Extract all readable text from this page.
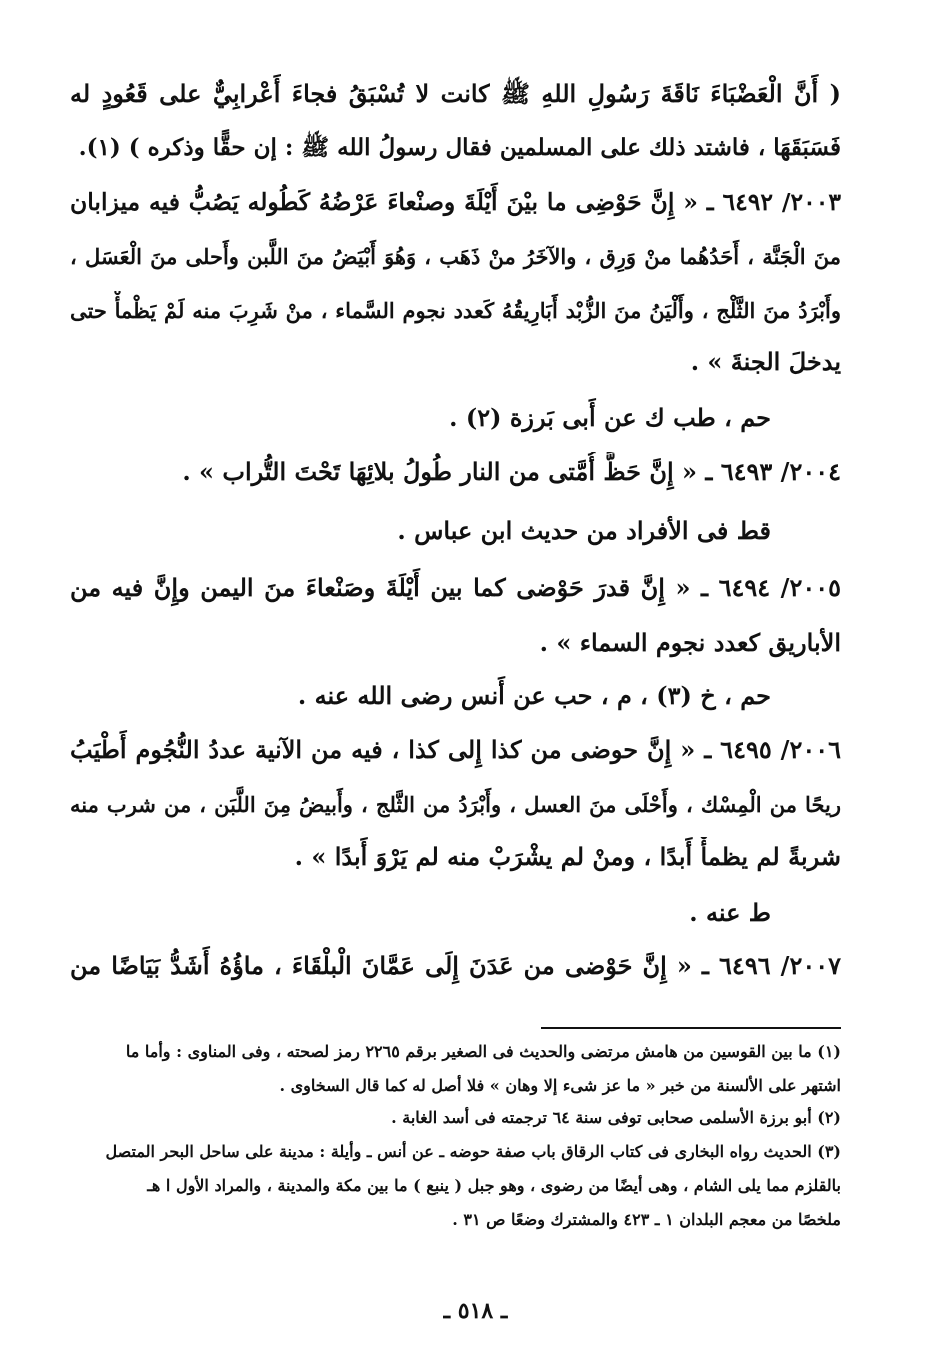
( أَنَّ الْعَضْبَاءَ نَاقَةَ رَسُولِ اللهِ ﷺ كانت لا تُسْبَقُ فجاءَ أَعْرابِيٌّ على قَعُودٍ له
فَسَبَقَهَا ، فاشتد ذلك على المسلمين فقال رسولُ الله ﷺ : إن حقًّا وذكره ) (١).
٢٠٠٣/ ٦٤٩٢ ـ « إِنَّ حَوْضِى ما بيْنَ أَيْلَةَ وصنْعاءَ عَرْضُهُ كَطُوله يَصُبُّ فيه ميزابان
منَ الْجَنَّة ، أَحَدُهُما منْ وَرِق ، والآخَرُ منْ ذَهَب ، وَهُوَ أَبْيَضُ منَ اللَّبن وأَحلى منَ الْعَسَل ،
وأَبْرَدُ منَ الثَّلْج ، وأَلْيَنُ منَ الزُّبْد أَبَارِيقُهُ كَعدد نجوم السَّماء ، منْ شَرِبَ منه لَمْ يَظْمأْ حتى
يدخلَ الجنةَ » .
حم ، طب ك عن أَبى بَرزة (٢) .
٢٠٠٤/ ٦٤٩٣ ـ « إِنَّ حَظَّ أُمَّتى من النار طُولُ بلائِهَا تَحْتَ التُّراب » .
قط فى الأفراد من حديث ابن عباس .
٢٠٠٥/ ٦٤٩٤ ـ « إِنَّ قدرَ حَوْضى كما بين أَيْلَةَ وصَنْعاءَ منَ اليمن وإِنَّ فيه من
الأباريق كعدد نجوم السماء » .
حم ، خ (٣) ، م ، حب عن أَنس رضى الله عنه .
٢٠٠٦/ ٦٤٩٥ ـ « إِنَّ حوضى من كذا إِلى كذا ، فيه من الآنية عددُ النُّجُوم أَطْيَبُ
ريحًا من الْمِسْك ، وأَحْلَى منَ العسل ، وأَبْرَدُ من الثَّلج ، وأَبيضُ مِنَ اللَّبَن ، من شرب منه
شربةً لم يظمأْ أَبدًا ، ومنْ لم يشْرَبْ منه لم يَرْوَ أَبدًا » .
ط عنه .
٢٠٠٧/ ٦٤٩٦ ـ « إِنَّ حَوْضى من عَدَنَ إِلَى عَمَّانَ الْبلْقَاءَ ، ماؤُهُ أَشَدُّ بَيَاضًا من
(١) ما بين القوسين من هامش مرتضى والحديث فى الصغير برقم ٢٢٦٥ رمز لصحته ، وفى المناوى : وأما ما
اشتهر على الألسنة من خبر « ما عز شىء إلا وهان » فلا أصل له كما قال السخاوى .
(٢) أبو برزة الأسلمى صحابى توفى سنة ٦٤ ترجمته فى أسد الغابة .
(٣) الحديث رواه البخارى فى كتاب الرقاق باب صفة حوضه ـ عن أنس ـ وأيلة : مدينة على ساحل البحر المتصل
بالقلزم مما يلى الشام ، وهى أيضًا من رضوى ، وهو جبل ( ينبع ) ما بين مكة والمدينة ، والمراد الأول ا هـ
ملخصًا من معجم البلدان ١ ـ ٤٢٣ والمشترك وضعًا ص ٣١ .
ـ ٥١٨ ـ
